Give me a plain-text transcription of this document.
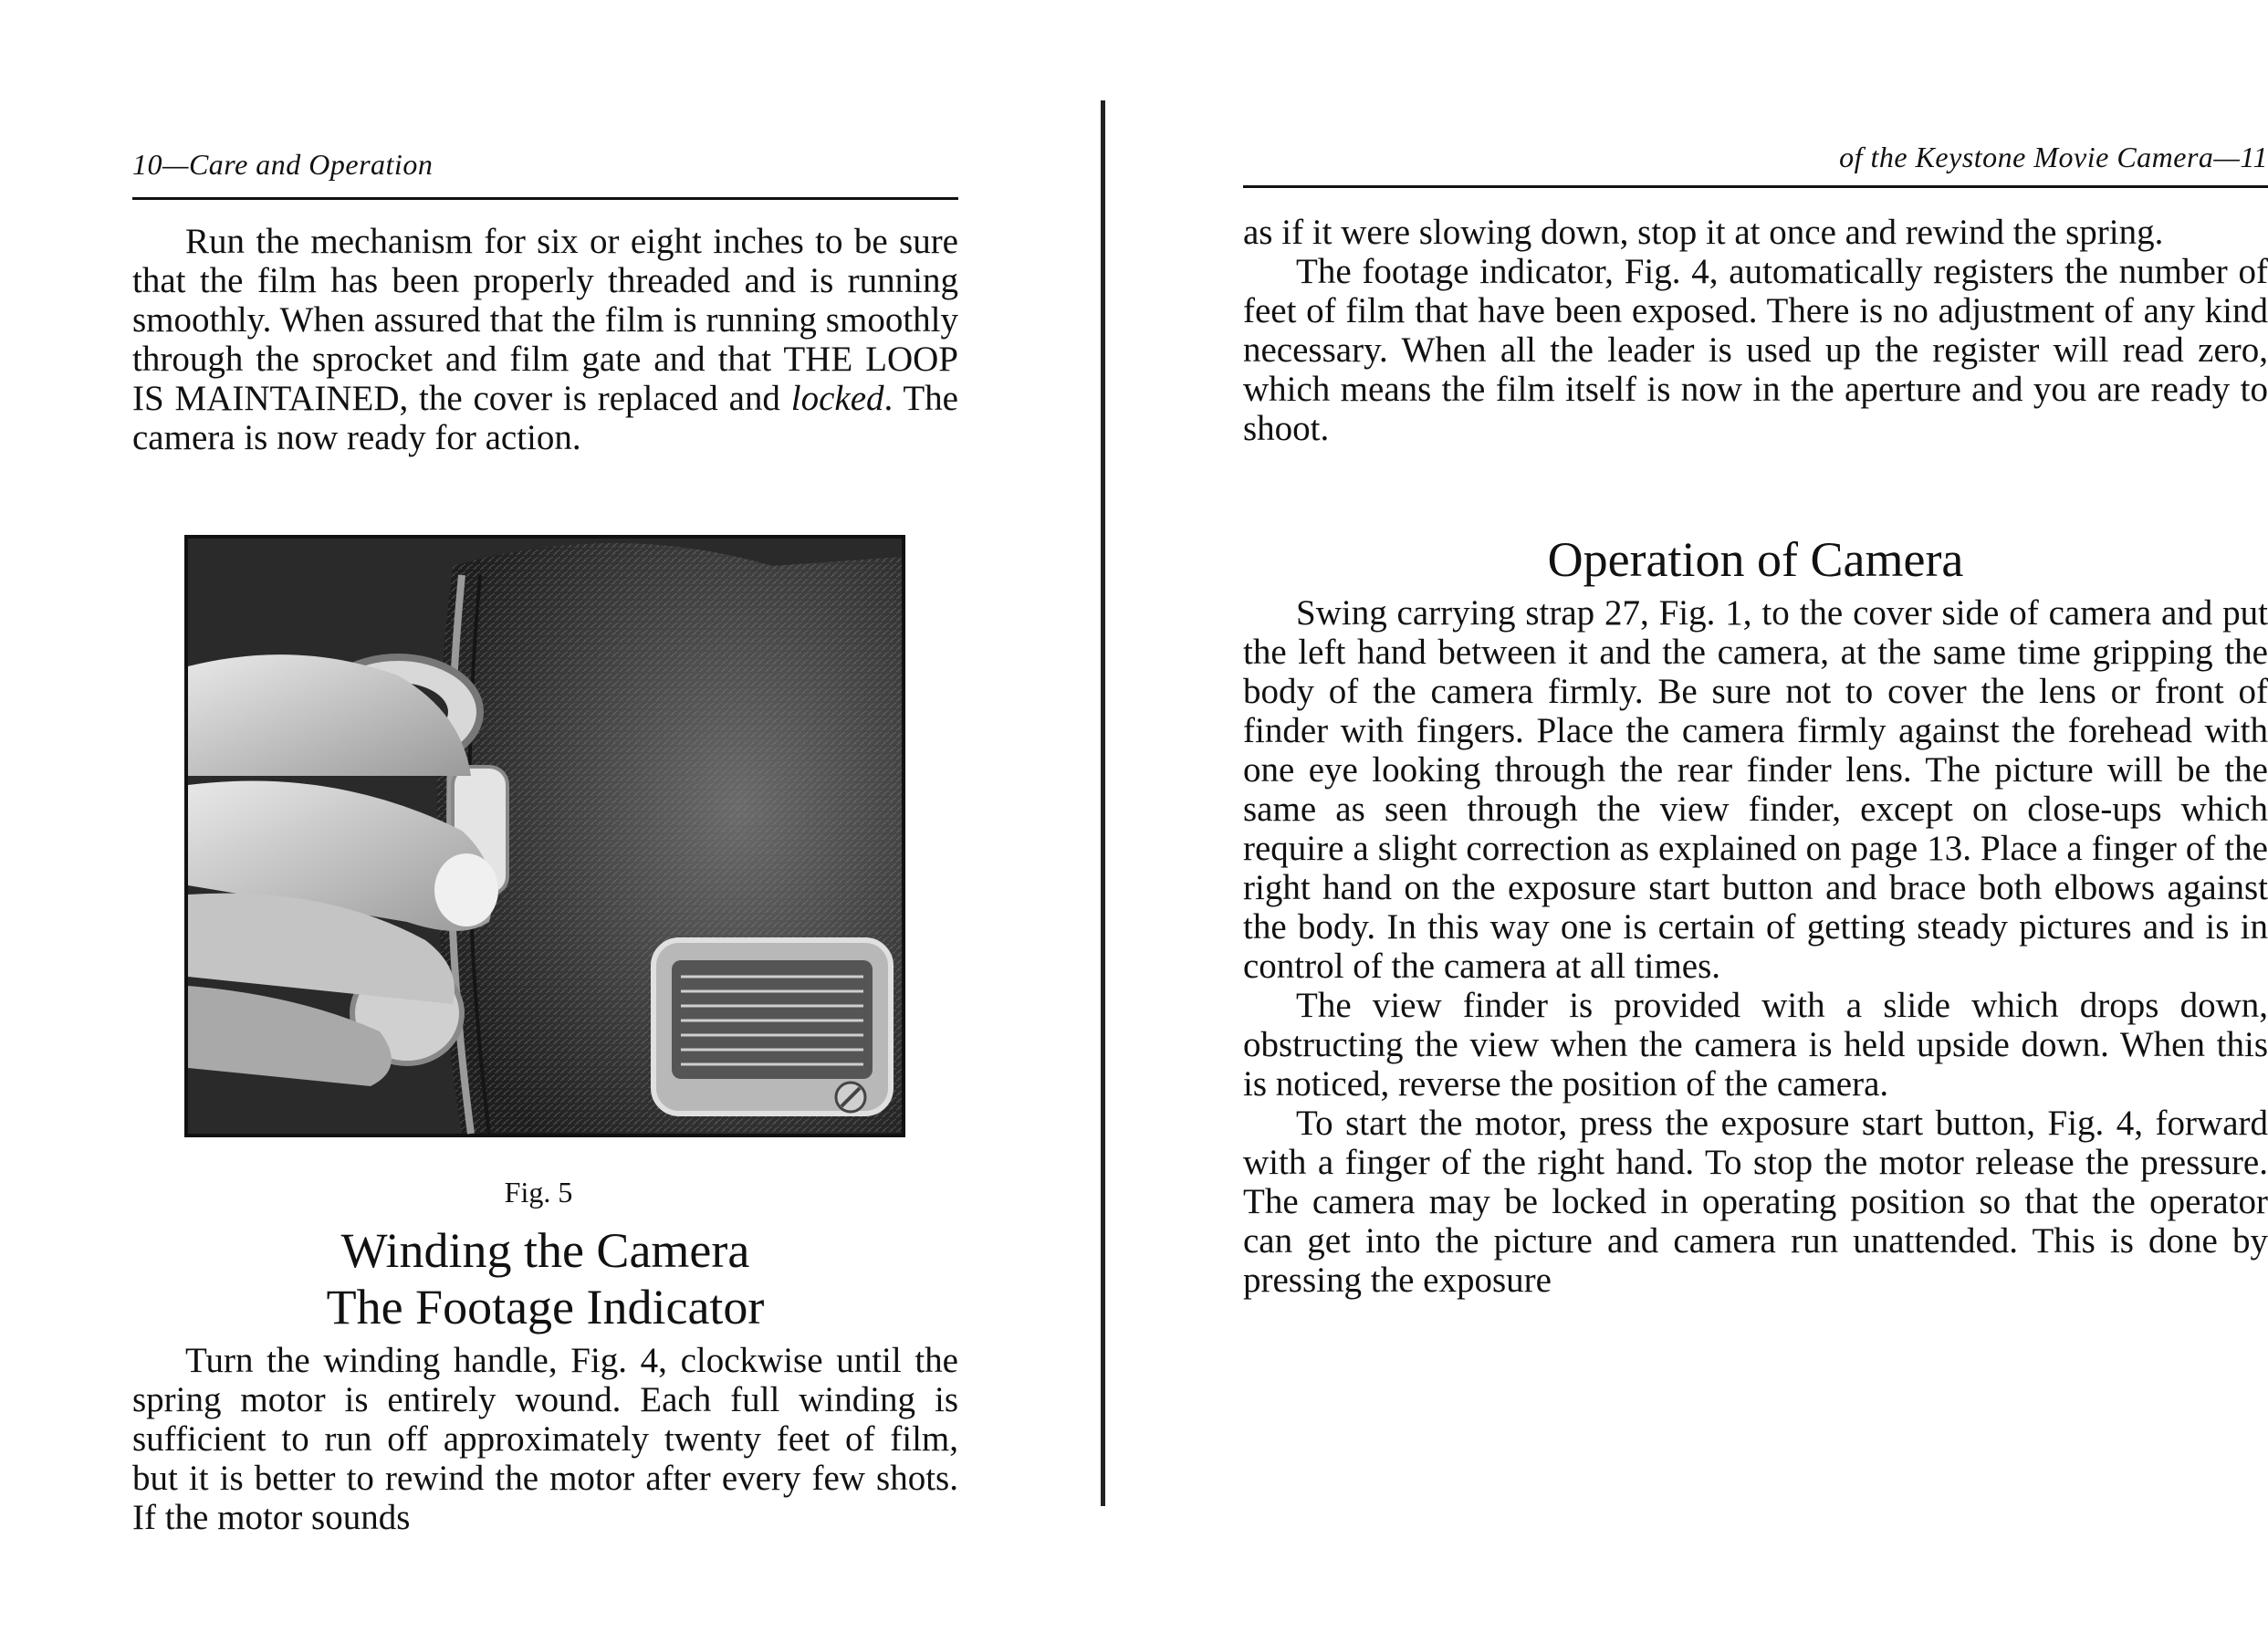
10—Care and Operation

Run the mechanism for six or eight inches to be sure that the film has been properly threaded and is running smoothly. When assured that the film is running smoothly through the sprocket and film gate and that THE LOOP IS MAINTAINED, the cover is replaced and locked. The camera is now ready for action.

Fig. 5
Winding the Camera
The Footage Indicator

Turn the winding handle, Fig. 4, clockwise until the spring motor is entirely wound. Each full winding is sufficient to run off approximately twenty feet of film, but it is better to rewind the motor after every few shots. If the motor sounds

of the Keystone Movie Camera—11

as if it were slowing down, stop it at once and rewind the spring.

The footage indicator, Fig. 4, automatically registers the number of feet of film that have been exposed. There is no adjustment of any kind necessary. When all the leader is used up the register will read zero, which means the film itself is now in the aperture and you are ready to shoot.

Operation of Camera

Swing carrying strap 27, Fig. 1, to the cover side of camera and put the left hand between it and the camera, at the same time gripping the body of the camera firmly. Be sure not to cover the lens or front of finder with fingers. Place the camera firmly against the forehead with one eye looking through the rear finder lens. The picture will be the same as seen through the view finder, except on close-ups which require a slight correction as explained on page 13. Place a finger of the right hand on the exposure start button and brace both elbows against the body. In this way one is certain of getting steady pictures and is in control of the camera at all times.

The view finder is provided with a slide which drops down, obstructing the view when the camera is held upside down. When this is noticed, reverse the position of the camera.

To start the motor, press the exposure start button, Fig. 4, forward with a finger of the right hand. To stop the motor release the pressure. The camera may be locked in operating position so that the operator can get into the picture and camera run unattended. This is done by pressing the exposure
